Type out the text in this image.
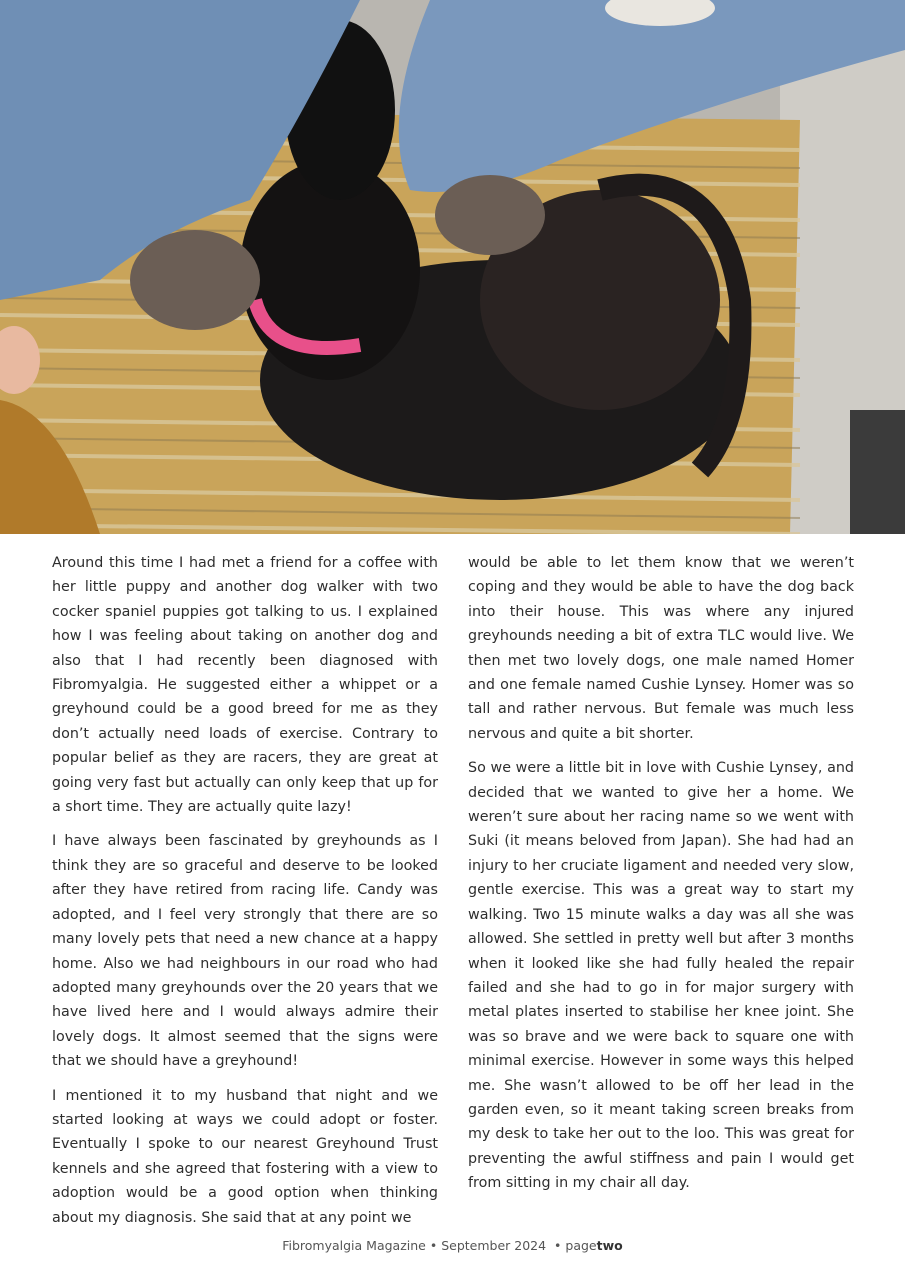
Around this time I had met a friend for a coffee with her little puppy and another dog walker with two cocker spaniel puppies got talking to us. I explained how I was feeling about taking on another dog and also that I had recently been diagnosed with Fibromyalgia. He suggested either a whippet or a greyhound could be a good breed for me as they don’t actually need loads of exercise. Contrary to popular belief as they are racers, they are great at going very fast but actually can only keep that up for a short time. They are actually quite lazy!

I have always been fascinated by greyhounds as I think they are so graceful and deserve to be looked after they have retired from racing life. Candy was adopted, and I feel very strongly that there are so many lovely pets that need a new chance at a happy home. Also we had neighbours in our road who had adopted many greyhounds over the 20 years that we have lived here and I would always admire their lovely dogs. It almost seemed that the signs were that we should have a greyhound!

I mentioned it to my husband that night and we started looking at ways we could adopt or foster. Eventually I spoke to our nearest Greyhound Trust kennels and she agreed that fostering with a view to adoption would be a good option when thinking about my diagnosis. She said that at any point we

would be able to let them know that we weren’t coping and they would be able to have the dog back into their house. This was where any injured greyhounds needing a bit of extra TLC would live. We then met two lovely dogs, one male named Homer and one female named Cushie Lynsey. Homer was so tall and rather nervous. But female was much less nervous and quite a bit shorter.

So we were a little bit in love with Cushie Lynsey, and decided that we wanted to give her a home. We weren’t sure about her racing name so we went with Suki (it means beloved from Japan). She had had an injury to her cruciate ligament and needed very slow, gentle exercise. This was a great way to start my walking. Two 15 minute walks a day was all she was allowed. She settled in pretty well but after 3 months when it looked like she had fully healed the repair failed and she had to go in for major surgery with metal plates inserted to stabilise her knee joint. She was so brave and we were back to square one with minimal exercise. However in some ways this helped me. She wasn’t allowed to be off her lead in the garden even, so it meant taking screen breaks from my desk to take her out to the loo. This was great for preventing the awful stiffness and pain I would get from sitting in my chair all day.

Fibromyalgia Magazine • September 2024 • pagetwo
